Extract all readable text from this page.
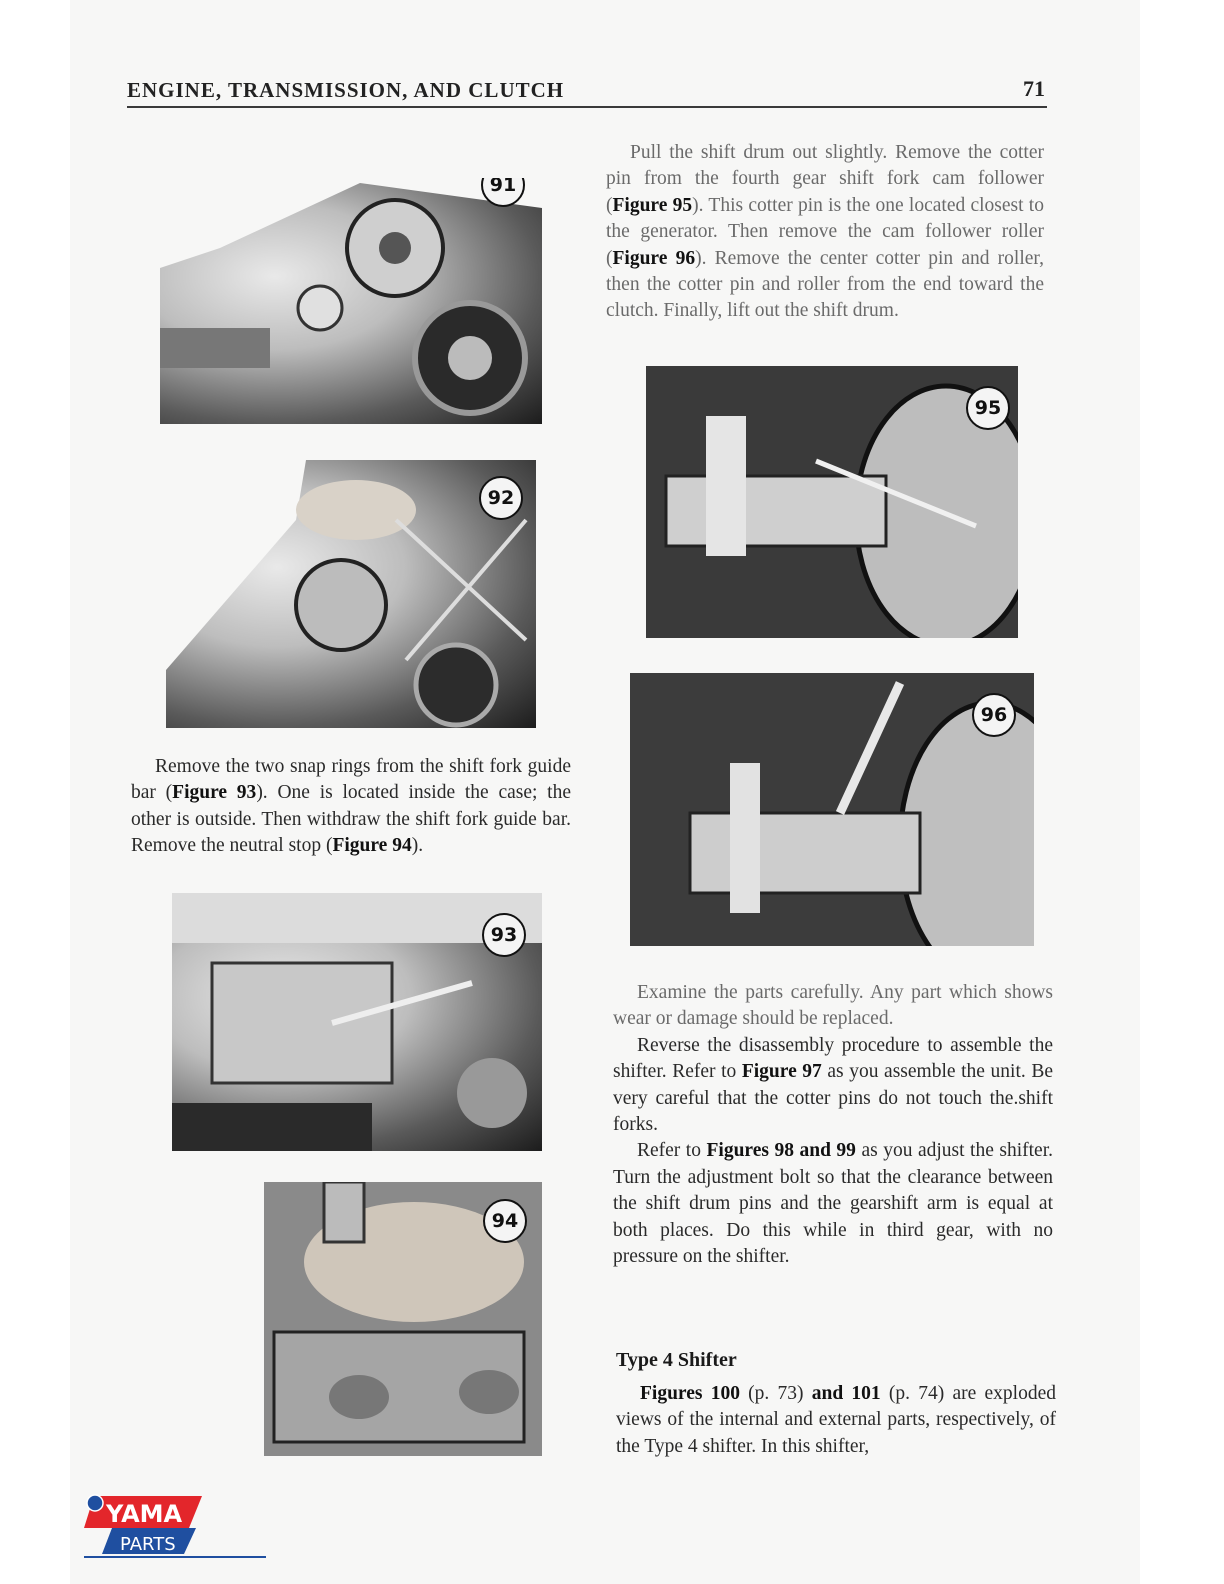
ENGINE, TRANSMISSION, AND CLUTCH	71
91
92

Remove the two snap rings from the shift fork guide bar (Figure 93). One is located inside the case; the other is outside. Then withdraw the shift fork guide bar. Remove the neutral stop (Figure 94).

93
94

Pull the shift drum out slightly. Remove the cotter pin from the fourth gear shift fork cam follower (Figure 95). This cotter pin is the one located closest to the generator. Then remove the cam follower roller (Figure 96). Remove the center cotter pin and roller, then the cotter pin and roller from the end toward the clutch. Finally, lift out the shift drum.

95
96

Examine the parts carefully. Any part which shows wear or damage should be replaced.

Reverse the disassembly procedure to assemble the shifter. Refer to Figure 97 as you assemble the unit. Be very careful that the cotter pins do not touch the.shift forks.

Refer to Figures 98 and 99 as you adjust the shifter. Turn the adjustment bolt so that the clearance between the shift drum pins and the gearshift arm is equal at both places. Do this while in third gear, with no pressure on the shifter.

Type 4 Shifter

Figures 100 (p. 73) and 101 (p. 74) are exploded views of the internal and external parts, respectively, of the Type 4 shifter. In this shifter,

YAMA
PARTS
